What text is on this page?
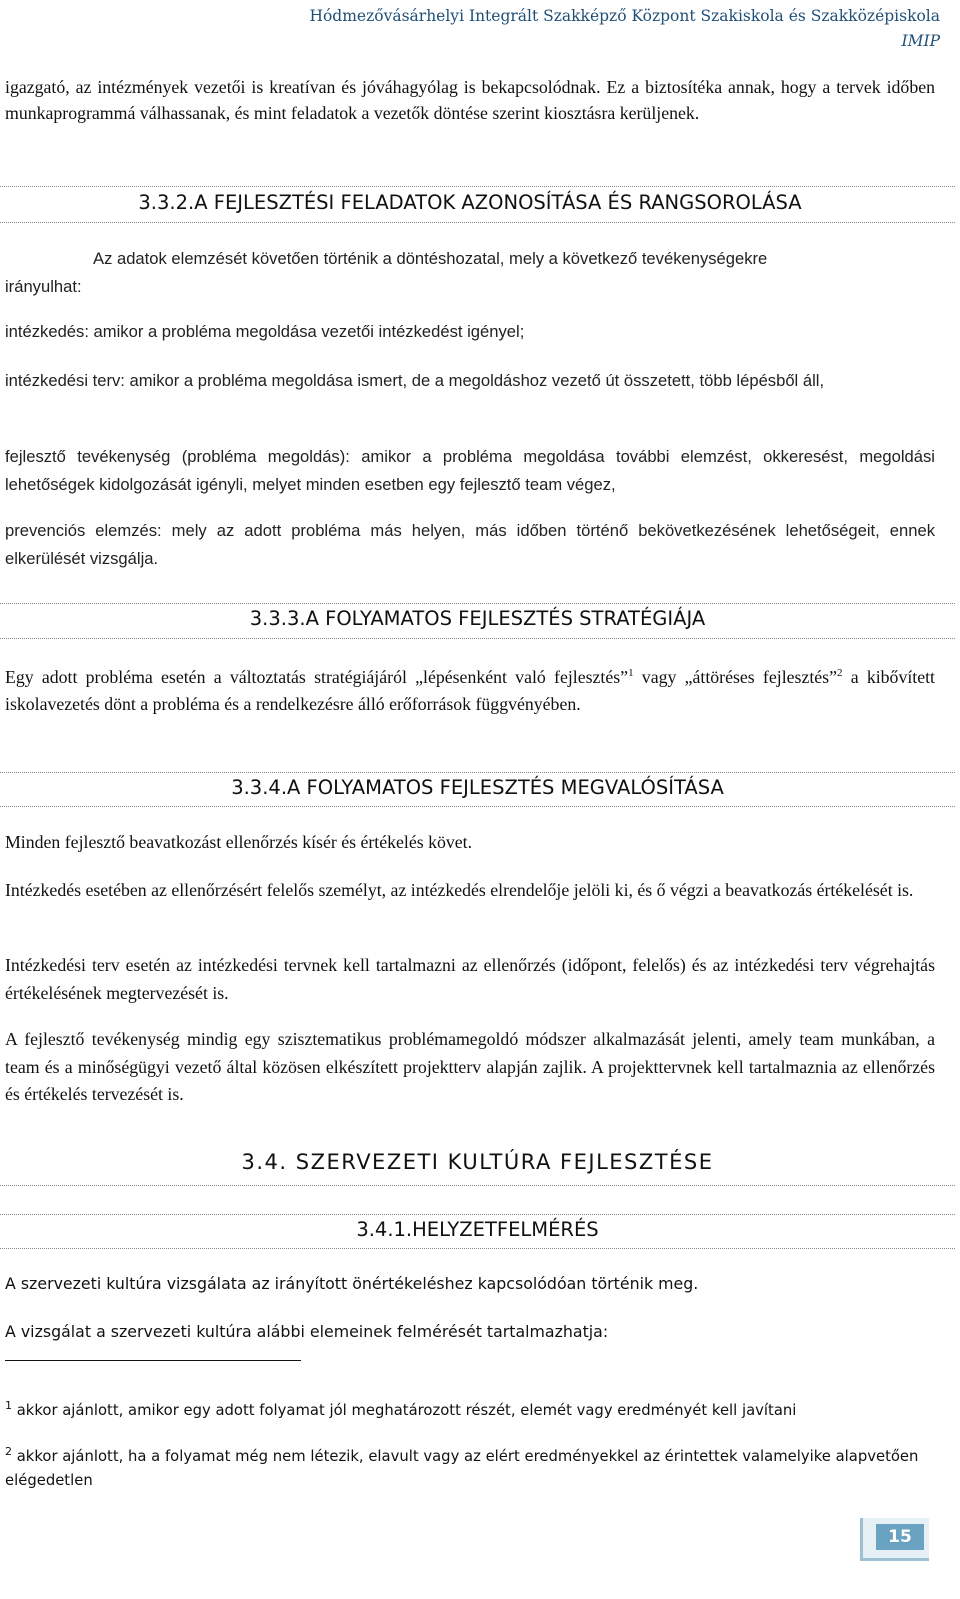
Hódmezővásárhelyi Integrált Szakképző Központ Szakiskola és Szakközépiskola
IMIP
igazgató, az intézmények vezetői is kreatívan és jóváhagyólag is bekapcsolódnak. Ez a biztosítéka annak, hogy a tervek időben munkaprogrammá válhassanak, és mint feladatok a vezetők döntése szerint kiosztásra kerüljenek.
3.3.2.A FEJLESZTÉSI FELADATOK AZONOSÍTÁSA ÉS RANGSOROLÁSA
Az adatok elemzését követően történik a döntéshozatal, mely a következő tevékenységekre
irányulhat:
intézkedés: amikor a probléma megoldása vezetői intézkedést igényel;
intézkedési terv: amikor a probléma megoldása ismert, de a megoldáshoz vezető út összetett, több lépésből áll,
fejlesztő tevékenység (probléma megoldás): amikor a probléma megoldása további elemzést, okkeresést, megoldási lehetőségek kidolgozását igényli, melyet minden esetben egy fejlesztő team végez,
prevenciós elemzés: mely az adott probléma más helyen, más időben történő bekövetkezésének lehetőségeit, ennek elkerülését vizsgálja.
3.3.3.A FOLYAMATOS FEJLESZTÉS STRATÉGIÁJA
Egy adott probléma esetén a változtatás stratégiájáról „lépésenként való fejlesztés”$^1$ vagy „áttöréses fejlesztés”$^2$ a kibővített iskolavezetés dönt a probléma és a rendelkezésre álló erőforrások függvényében.
3.3.4.A FOLYAMATOS FEJLESZTÉS MEGVALÓSÍTÁSA
Minden fejlesztő beavatkozást ellenőrzés kísér és értékelés követ.
Intézkedés esetében az ellenőrzésért felelős személyt, az intézkedés elrendelője jelöli ki, és ő végzi a beavatkozás értékelését is.
Intézkedési terv esetén az intézkedési tervnek kell tartalmazni az ellenőrzés (időpont, felelős) és az intézkedési terv végrehajtás értékelésének megtervezését is.
A fejlesztő tevékenység mindig egy szisztematikus problémamegoldó módszer alkalmazását jelenti, amely team munkában, a team és a minőségügyi vezető által közösen elkészített projektterv alapján zajlik. A projekttervnek kell tartalmaznia az ellenőrzés és értékelés tervezését is.
3.4. SZERVEZETI KULTÚRA FEJLESZTÉSE
3.4.1.HELYZETFELMÉRÉS
A szervezeti kultúra vizsgálata az irányított önértékeléshez kapcsolódóan történik meg.
A vizsgálat a szervezeti kultúra alábbi elemeinek felmérését tartalmazhatja:
$^1$ akkor ajánlott, amikor egy adott folyamat jól meghatározott részét, elemét vagy eredményét kell javítani
$^2$ akkor ajánlott, ha a folyamat még nem létezik, elavult vagy az elért eredményekkel az érintettek valamelyike alapvetően elégedetlen
15
